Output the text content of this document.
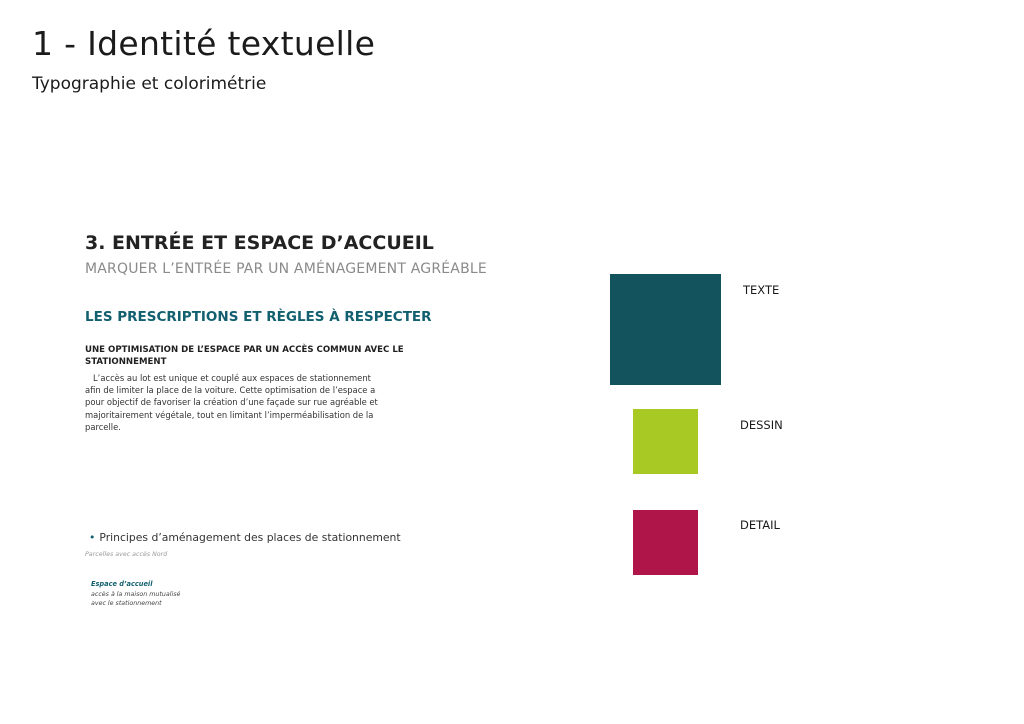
1 - Identité textuelle
Typographie et colorimétrie
3. ENTRÉE ET ESPACE D’ACCUEIL
MARQUER L’ENTRÉE PAR UN AMÉNAGEMENT AGRÉABLE
LES PRESCRIPTIONS ET RÈGLES À RESPECTER
UNE OPTIMISATION DE L’ESPACE PAR UN ACCÈS COMMUN AVEC LE STATIONNEMENT
L’accès au lot est unique et couplé aux espaces de stationnement afin de limiter la place de la voiture. Cette optimisation de l’espace a pour objectif de favoriser la création d’une façade sur rue agréable et majoritairement végétale, tout en limitant l’imperméabilisation de la parcelle.
• Principes d’aménagement des places de stationnement
Parcelles avec accès Nord
Espace d’accueil
accès à la maison mutualisé
avec le stationnement
TEXTE
DESSIN
DETAIL
